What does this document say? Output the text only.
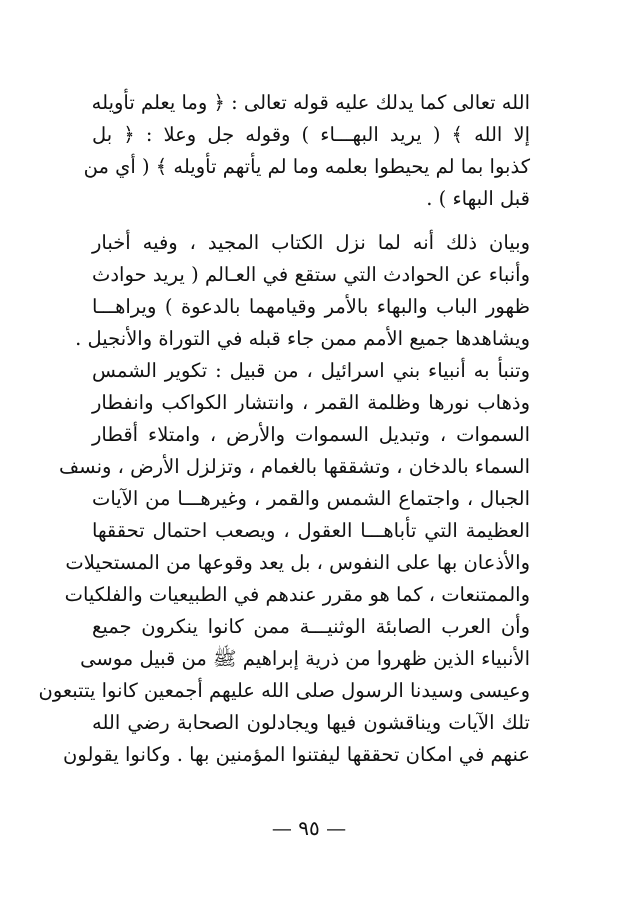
الله تعالى كما يدلك عليه قوله تعالى : ﴿ وما يعلم تأويله
إلا الله ﴾ ( يريد البهـــاء ) وقوله جل وعلا : ﴿ بل
كذبوا بما لم يحيطوا بعلمه وما لم يأتهم تأويله ﴾ ( أي من
قبل البهاء ) .
وبيان ذلك أنه لما نزل الكتاب المجيد ، وفيه أخبار
وأنباء عن الحوادث التي ستقع في العـالم ( يريد حوادث
ظهور الباب والبهاء بالأمر وقيامهما بالدعوة ) ويراهـــا
ويشاهدها جميع الأمم ممن جاء قبله في التوراة والأنجيل .
وتنبأ به أنبياء بني اسرائيل ، من قبيل : تكوير الشمس
وذهاب نورها وظلمة القمر ، وانتشار الكواكب وانفطار
السموات ، وتبديل السموات والأرض ، وامتلاء أقطار
السماء بالدخان ، وتشققها بالغمام ، وتزلزل الأرض ، ونسف
الجبال ، واجتماع الشمس والقمر ، وغيرهـــا من الآيات
العظيمة التي تأباهـــا العقول ، ويصعب احتمال تحققها
والأذعان بها على النفوس ، بل يعد وقوعها من المستحيلات
والممتنعات ، كما هو مقرر عندهم في الطبيعيات والفلكيات
وأن العرب الصابئة الوثنيـــة ممن كانوا ينكرون جميع
الأنبياء الذين ظهروا من ذرية إبراهيم ﷺ من قبيل موسى
وعيسى وسيدنا الرسول صلى الله عليهم أجمعين كانوا يتتبعون
تلك الآيات ويناقشون فيها ويجادلون الصحابة رضي الله
عنهم في امكان تحققها ليفتنوا المؤمنين بها . وكانوا يقولون
— ٩٥ —
